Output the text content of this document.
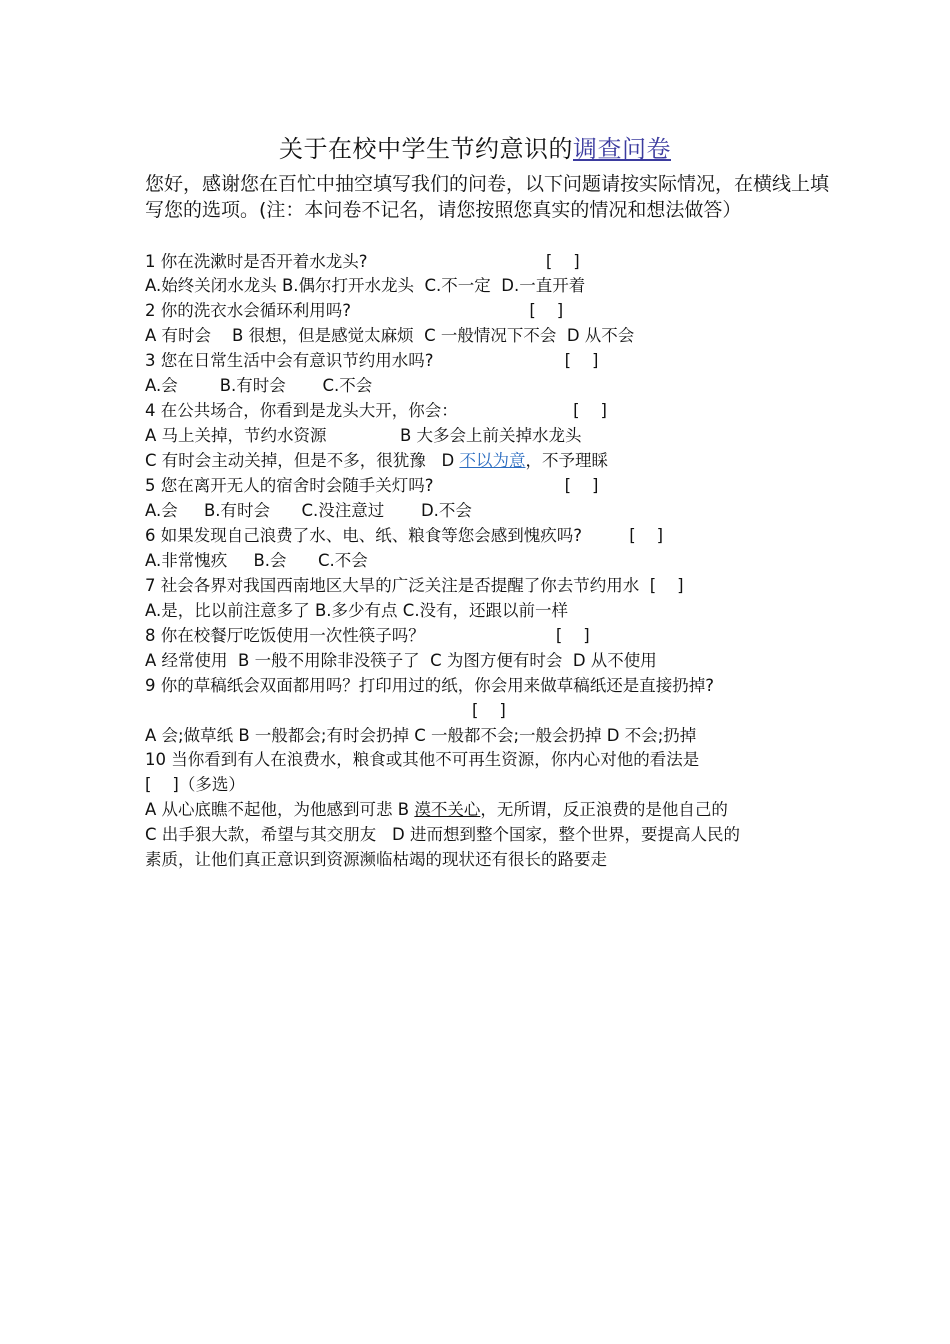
关于在校中学生节约意识的调查问卷
您好，感谢您在百忙中抽空填写我们的问卷，以下问题请按实际情况，在横线上填写您的选项。(注：本问卷不记名，请您按照您真实的情况和想法做答）
1 你在洗漱时是否开着水龙头?                                  [    ]
A.始终关闭水龙头 B.偶尔打开水龙头  C.不一定  D.一直开着
2 你的洗衣水会循环利用吗?                                  [    ]
A 有时会    B 很想，但是感觉太麻烦  C 一般情况下不会  D 从不会
3 您在日常生活中会有意识节约用水吗?                         [    ]
A.会        B.有时会       C.不会
4 在公共场合，你看到是龙头大开，你会：                      [    ]
A 马上关掉，节约水资源              B 大多会上前关掉水龙头
C 有时会主动关掉，但是不多，很犹豫   D 不以为意，不予理睬
5 您在离开无人的宿舍时会随手关灯吗?                         [    ]
A.会     B.有时会      C.没注意过       D.不会
6 如果发现自己浪费了水、电、纸、粮食等您会感到愧疚吗?         [    ]
A.非常愧疚     B.会      C.不会
7 社会各界对我国西南地区大旱的广泛关注是否提醒了你去节约用水  [    ]
A.是，比以前注意多了 B.多少有点 C.没有，还跟以前一样
8 你在校餐厅吃饭使用一次性筷子吗？                         [    ]
A 经常使用  B 一般不用除非没筷子了  C 为图方便有时会  D 从不使用
9 你的草稿纸会双面都用吗？打印用过的纸，你会用来做草稿纸还是直接扔掉?
[    ]
A 会;做草纸 B 一般都会;有时会扔掉 C 一般都不会;一般会扔掉 D 不会;扔掉
10 当你看到有人在浪费水，粮食或其他不可再生资源，你内心对他的看法是
[    ]（多选）
A 从心底瞧不起他，为他感到可悲 B 漠不关心，无所谓，反正浪费的是他自己的
C 出手狠大款，希望与其交朋友   D 进而想到整个国家，整个世界，要提高人民的
素质，让他们真正意识到资源濒临枯竭的现状还有很长的路要走
